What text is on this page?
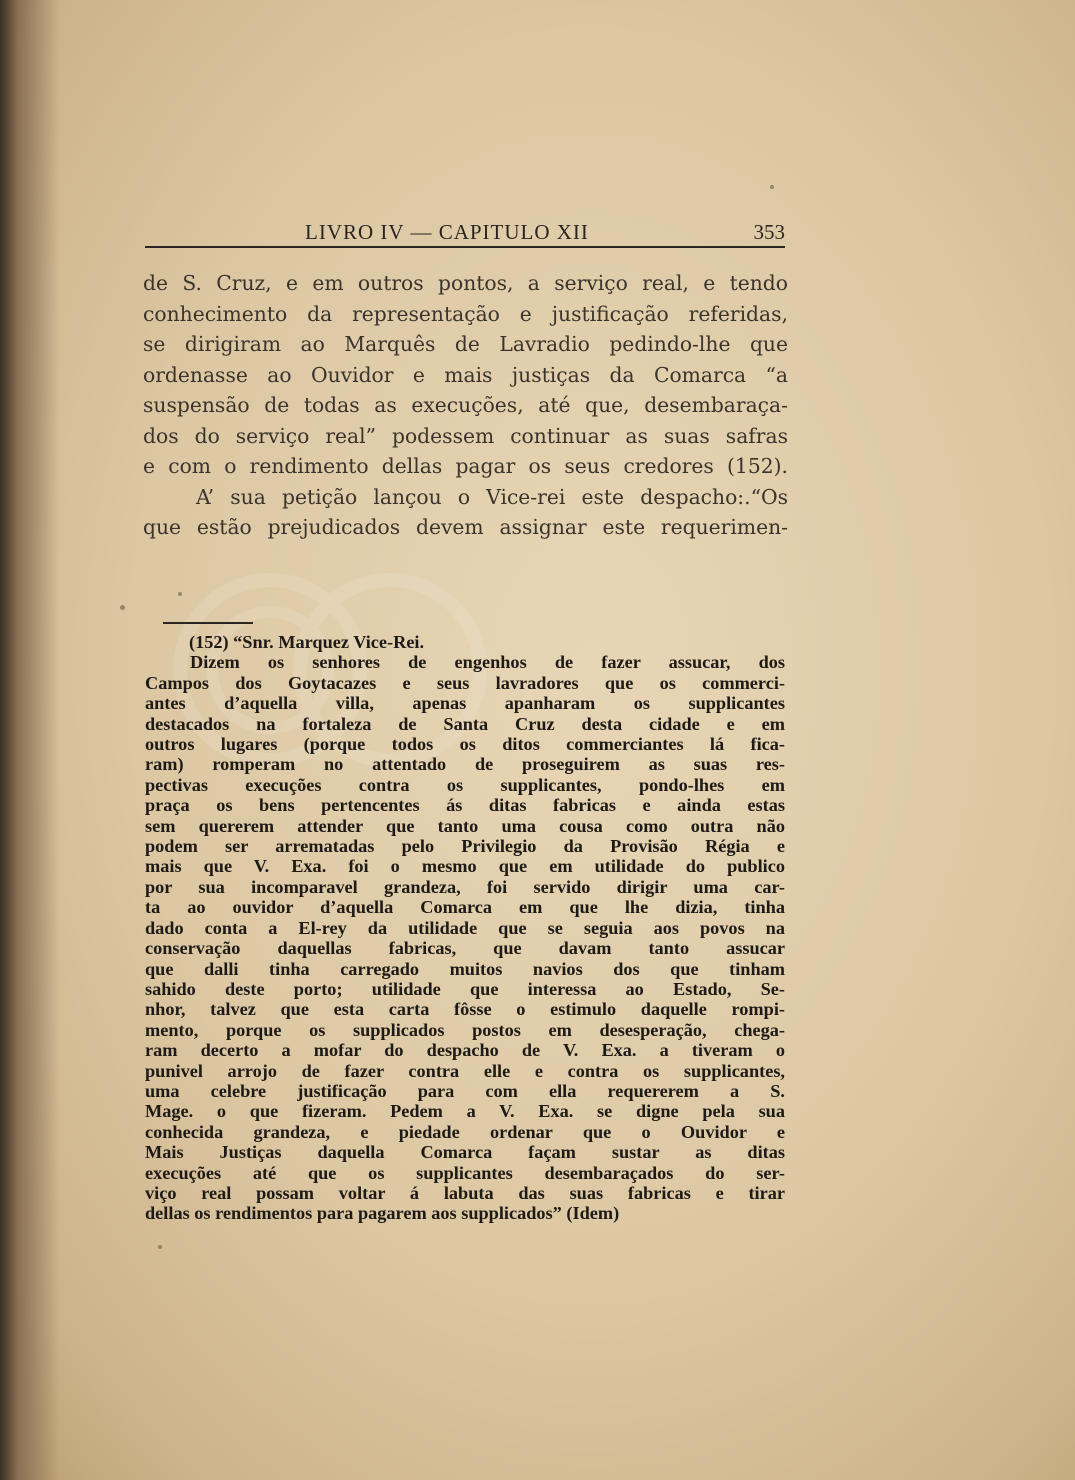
LIVRO IV — CAPITULO XII	353
de S. Cruz, e em outros pontos, a serviço real, e tendo
conhecimento da representação e justificação referidas,
se dirigiram ao Marquês de Lavradio pedindo-lhe que
ordenasse ao Ouvidor e mais justiças da Comarca “a
suspensão de todas as execuções, até que, desembaraça-
dos do serviço real” podessem continuar as suas safras
e com o rendimento dellas pagar os seus credores (152).
A’ sua petição lançou o Vice-rei este despacho:.“Os
que estão prejudicados devem assignar este requerimen-
(152) “Snr. Marquez Vice-Rei.
Dizem os senhores de engenhos de fazer assucar, dos
Campos dos Goytacazes e seus lavradores que os commerci-
antes d’aquella villa, apenas apanharam os supplicantes
destacados na fortaleza de Santa Cruz desta cidade e em
outros lugares (porque todos os ditos commerciantes lá fica-
ram) romperam no attentado de proseguirem as suas res-
pectivas execuções contra os supplicantes, pondo-lhes em
praça os bens pertencentes ás ditas fabricas e ainda estas
sem quererem attender que tanto uma cousa como outra não
podem ser arrematadas pelo Privilegio da Provisão Régia e
mais que V. Exa. foi o mesmo que em utilidade do publico
por sua incomparavel grandeza, foi servido dirigir uma car-
ta ao ouvidor d’aquella Comarca em que lhe dizia, tinha
dado conta a El-rey da utilidade que se seguia aos povos na
conservação daquellas fabricas, que davam tanto assucar
que dalli tinha carregado muitos navios dos que tinham
sahido deste porto; utilidade que interessa ao Estado, Se-
nhor, talvez que esta carta fôsse o estimulo daquelle rompi-
mento, porque os supplicados postos em desesperação, chega-
ram decerto a mofar do despacho de V. Exa. a tiveram o
punivel arrojo de fazer contra elle e contra os supplicantes,
uma celebre justificação para com ella requererem a S.
Mage. o que fizeram. Pedem a V. Exa. se digne pela sua
conhecida grandeza, e piedade ordenar que o Ouvidor e
Mais Justiças daquella Comarca façam sustar as ditas
execuções até que os supplicantes desembaraçados do ser-
viço real possam voltar á labuta das suas fabricas e tirar
dellas os rendimentos para pagarem aos supplicados” (Idem)
